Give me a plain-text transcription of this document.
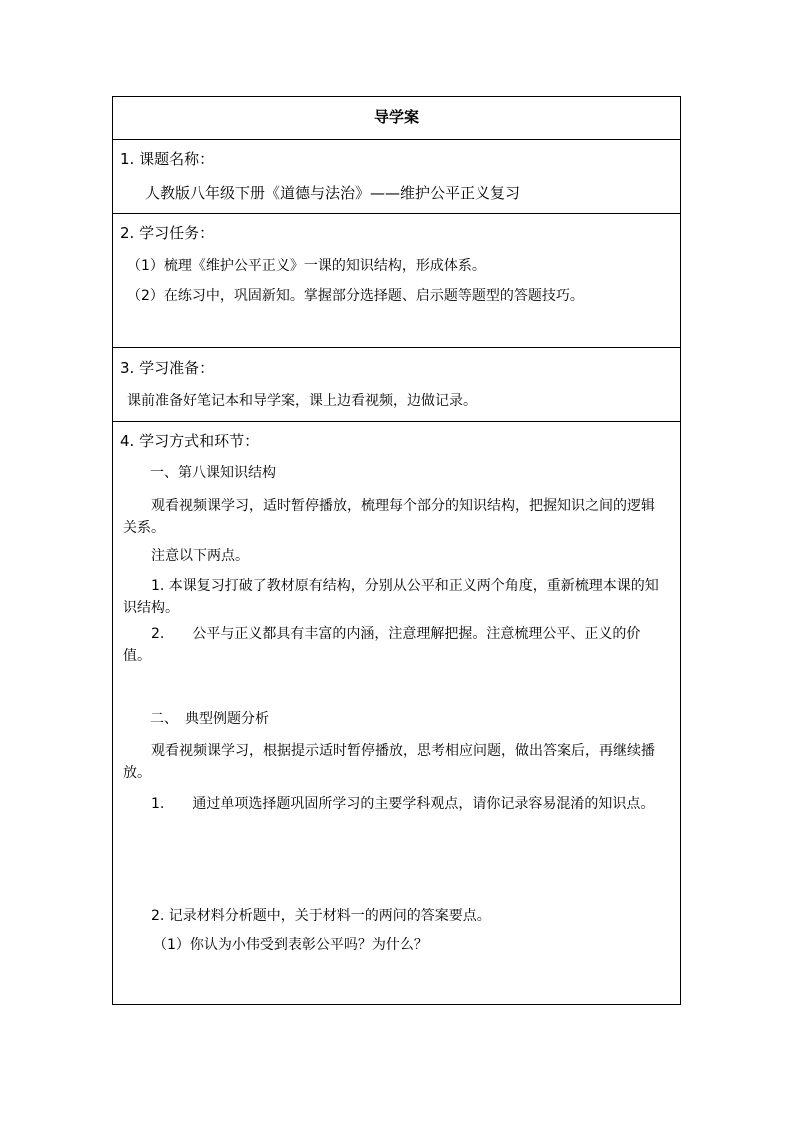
导学案
1. 课题名称：
人教版八年级下册《道德与法治》——维护公平正义复习
2. 学习任务：
（1）梳理《维护公平正义》一课的知识结构，形成体系。
（2）在练习中，巩固新知。掌握部分选择题、启示题等题型的答题技巧。
3. 学习准备：
课前准备好笔记本和导学案，课上边看视频，边做记录。
4. 学习方式和环节：
一、第八课知识结构
观看视频课学习，适时暂停播放，梳理每个部分的知识结构，把握知识之间的逻辑关系。
注意以下两点。
1. 本课复习打破了教材原有结构，分别从公平和正义两个角度，重新梳理本课的知识结构。
2.　　公平与正义都具有丰富的内涵，注意理解把握。注意梳理公平、正义的价值。
二、　典型例题分析
观看视频课学习，根据提示适时暂停播放，思考相应问题，做出答案后，再继续播放。
1.　　通过单项选择题巩固所学习的主要学科观点，请你记录容易混淆的知识点。
2. 记录材料分析题中，关于材料一的两问的答案要点。
（1）你认为小伟受到表彰公平吗？为什么？
